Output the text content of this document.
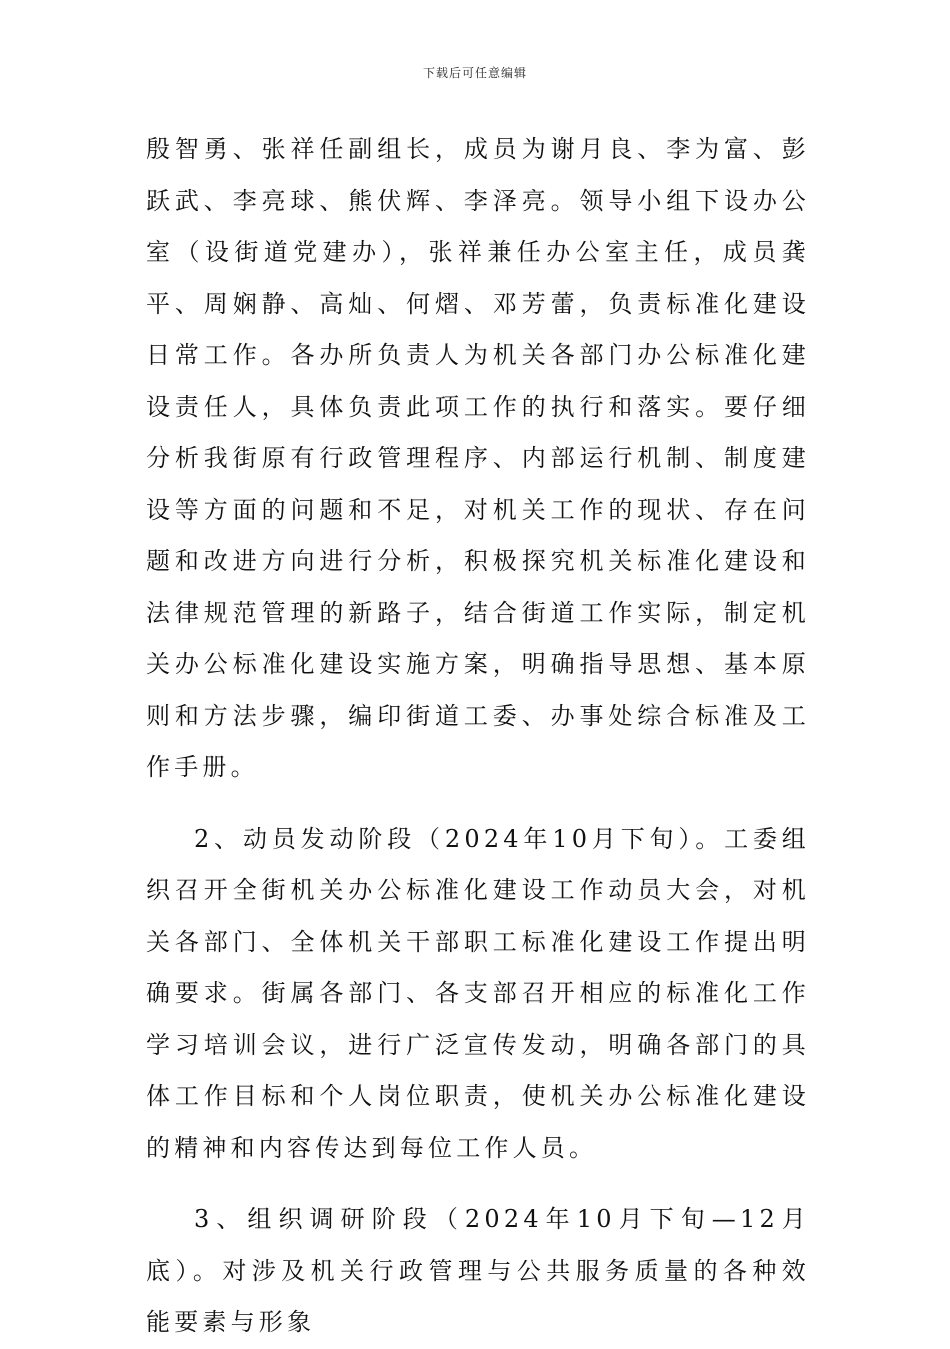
下载后可任意编辑

殷智勇、张祥任副组长，成员为谢月良、李为富、彭跃武、李亮球、熊伏辉、李泽亮。领导小组下设办公室（设街道党建办），张祥兼任办公室主任，成员龚平、周娴静、高灿、何熠、邓芳蕾，负责标准化建设日常工作。各办所负责人为机关各部门办公标准化建设责任人，具体负责此项工作的执行和落实。要仔细分析我街原有行政管理程序、内部运行机制、制度建设等方面的问题和不足，对机关工作的现状、存在问题和改进方向进行分析，积极探究机关标准化建设和法律规范管理的新路子，结合街道工作实际，制定机关办公标准化建设实施方案，明确指导思想、基本原则和方法步骤，编印街道工委、办事处综合标准及工作手册。

2、动员发动阶段（2024年10月下旬）。工委组织召开全街机关办公标准化建设工作动员大会，对机关各部门、全体机关干部职工标准化建设工作提出明确要求。街属各部门、各支部召开相应的标准化工作学习培训会议，进行广泛宣传发动，明确各部门的具体工作目标和个人岗位职责，使机关办公标准化建设的精神和内容传达到每位工作人员。

3、组织调研阶段（2024年10月下旬—12月底）。对涉及机关行政管理与公共服务质量的各种效能要素与形象
